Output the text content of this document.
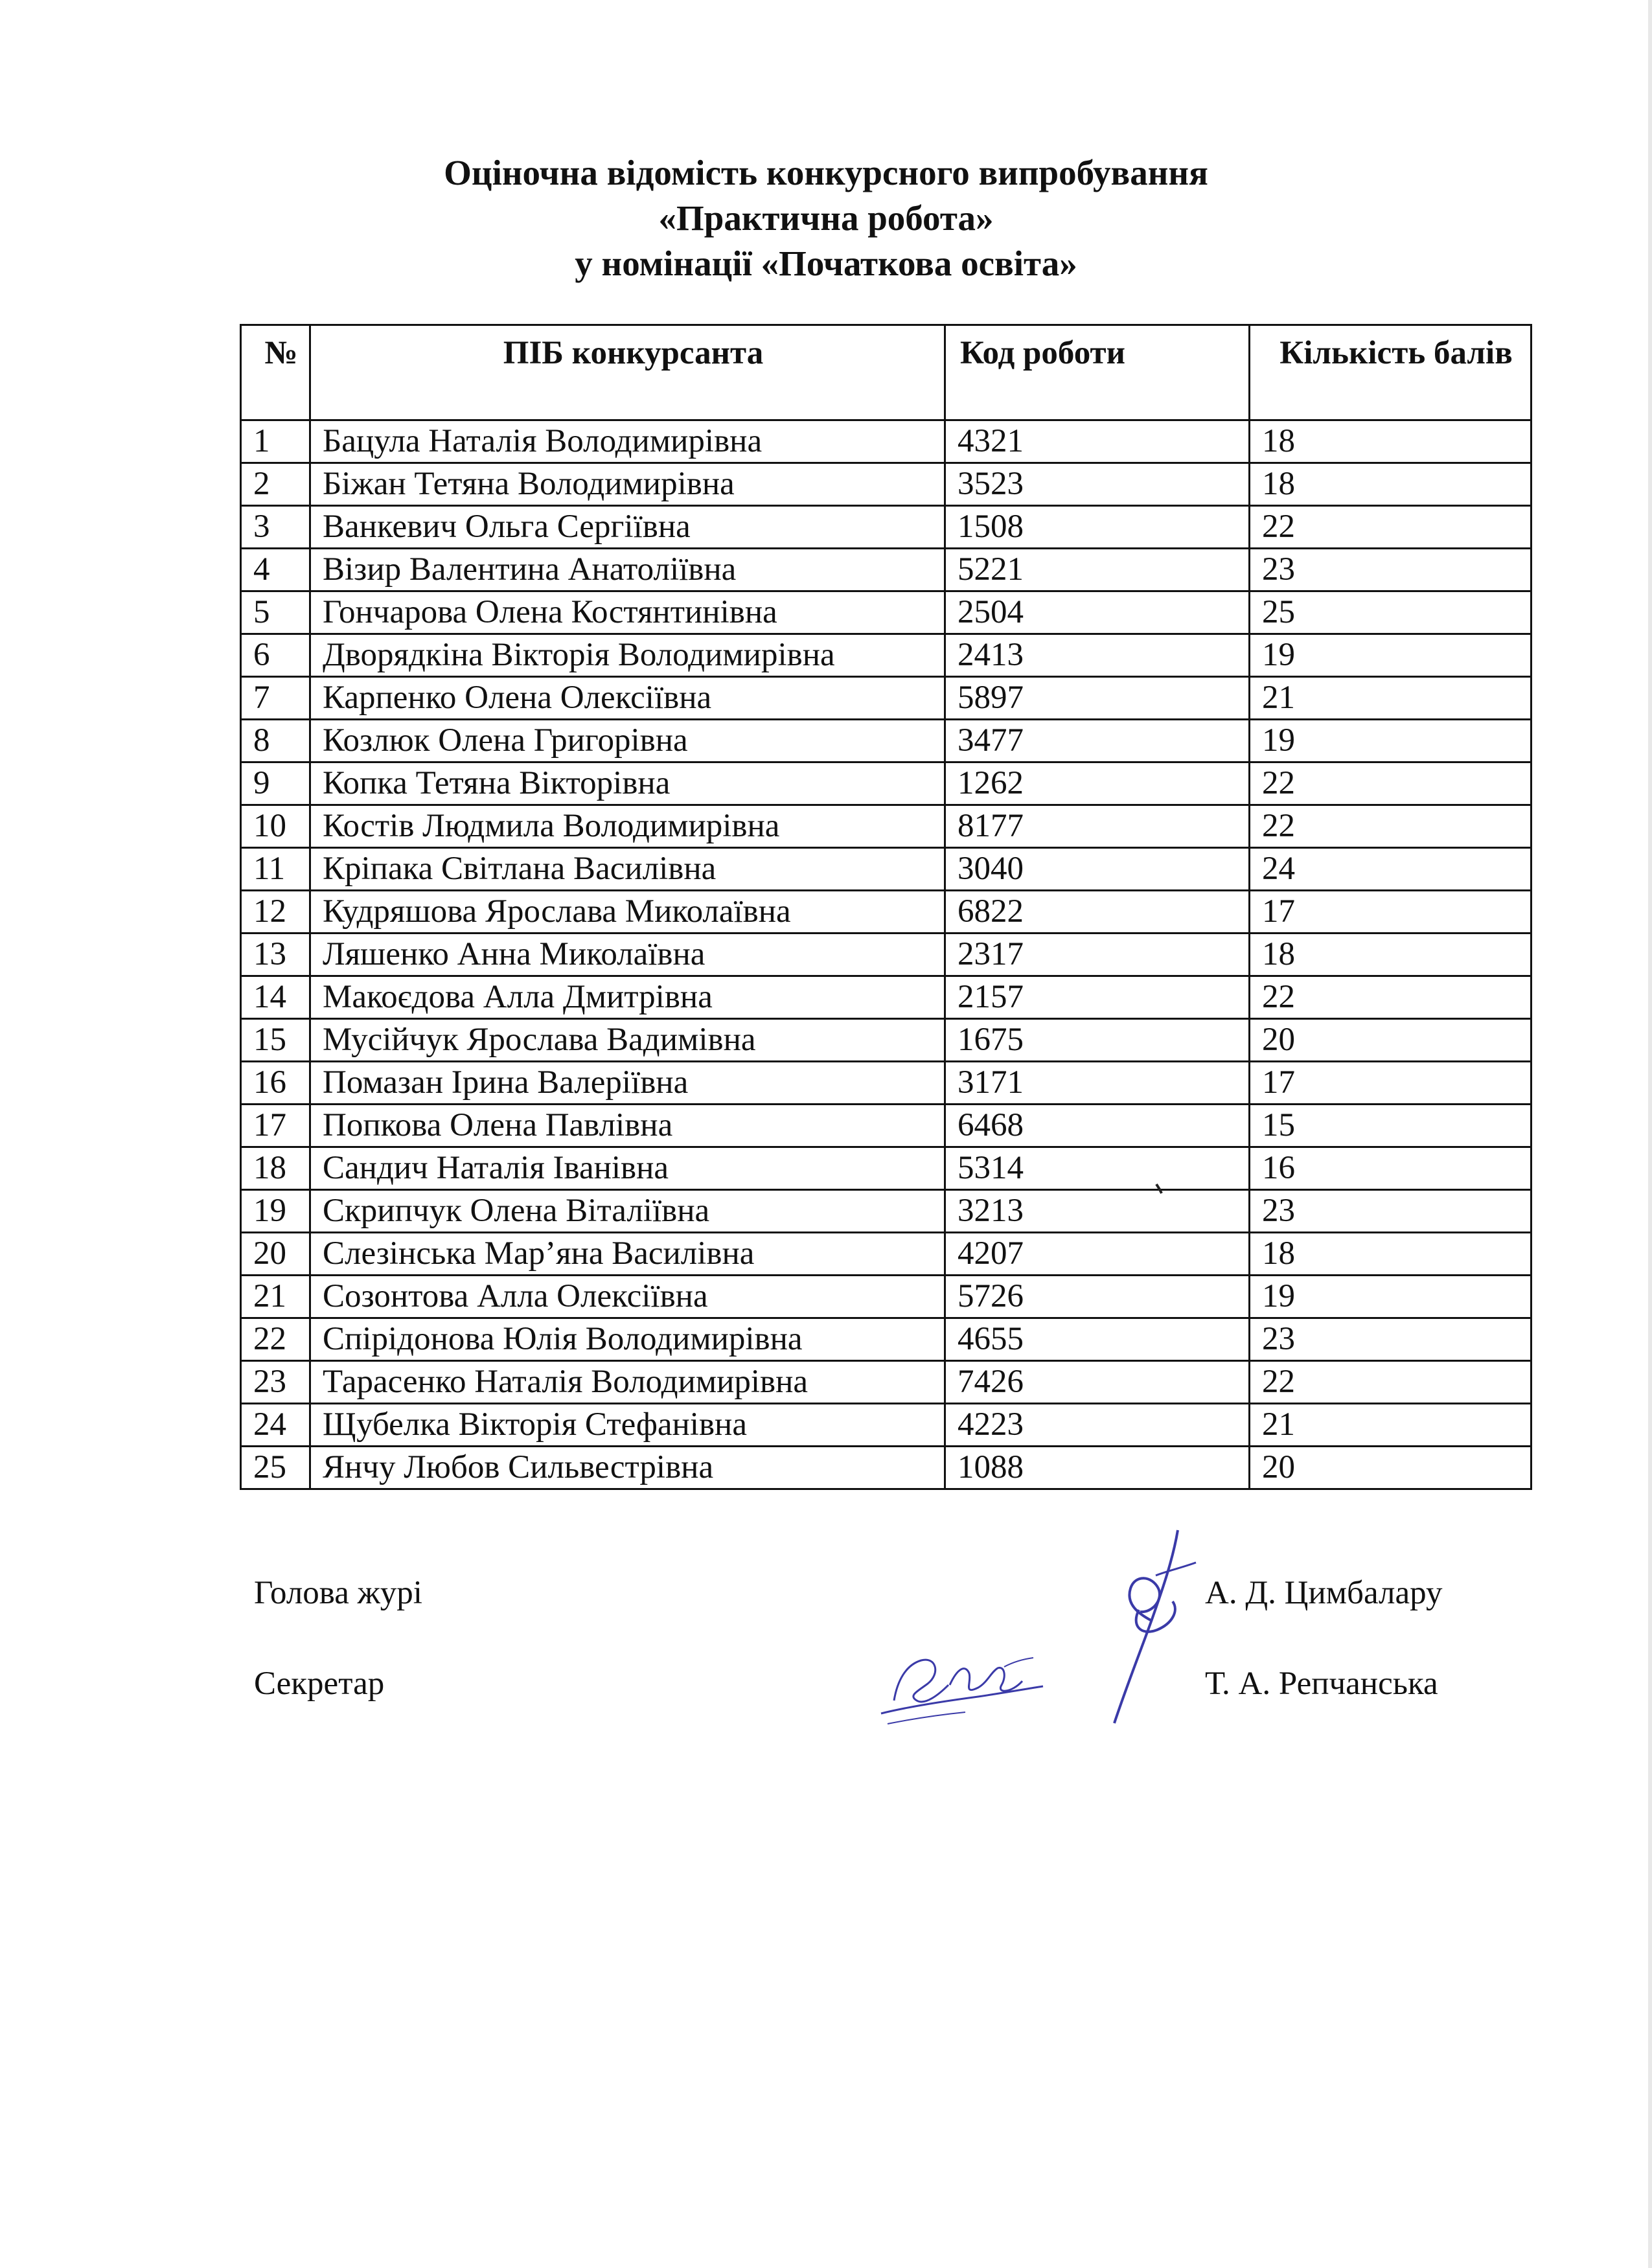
Оціночна відомість конкурсного випробування
«Практична робота»
у номінації «Початкова освіта»
№	ПІБ конкурсанта	Код роботи	Кількість балів
1	Бацула Наталія Володимирівна	4321	18
2	Біжан Тетяна Володимирівна	3523	18
3	Ванкевич Ольга Сергіївна	1508	22
4	Візир Валентина Анатоліївна	5221	23
5	Гончарова Олена Костянтинівна	2504	25
6	Дворядкіна Вікторія Володимирівна	2413	19
7	Карпенко Олена Олексіївна	5897	21
8	Козлюк Олена Григорівна	3477	19
9	Копка Тетяна Вікторівна	1262	22
10	Костів Людмила Володимирівна	8177	22
11	Кріпака Світлана Василівна	3040	24
12	Кудряшова Ярослава Миколаївна	6822	17
13	Ляшенко Анна Миколаївна	2317	18
14	Макоєдова Алла Дмитрівна	2157	22
15	Мусійчук Ярослава Вадимівна	1675	20
16	Помазан Ірина Валеріївна	3171	17
17	Попкова Олена Павлівна	6468	15
18	Сандич Наталія Іванівна	5314	16
19	Скрипчук Олена Віталіївна	3213	23
20	Слезінська Мар’яна Василівна	4207	18
21	Созонтова Алла Олексіївна	5726	19
22	Спірідонова Юлія Володимирівна	4655	23
23	Тарасенко Наталія Володимирівна	7426	22
24	Щубелка Вікторія Стефанівна	4223	21
25	Янчу Любов Сильвестрівна	1088	20
Голова журі	А. Д. Цимбалару
Секретар	Т. А. Репчанська
